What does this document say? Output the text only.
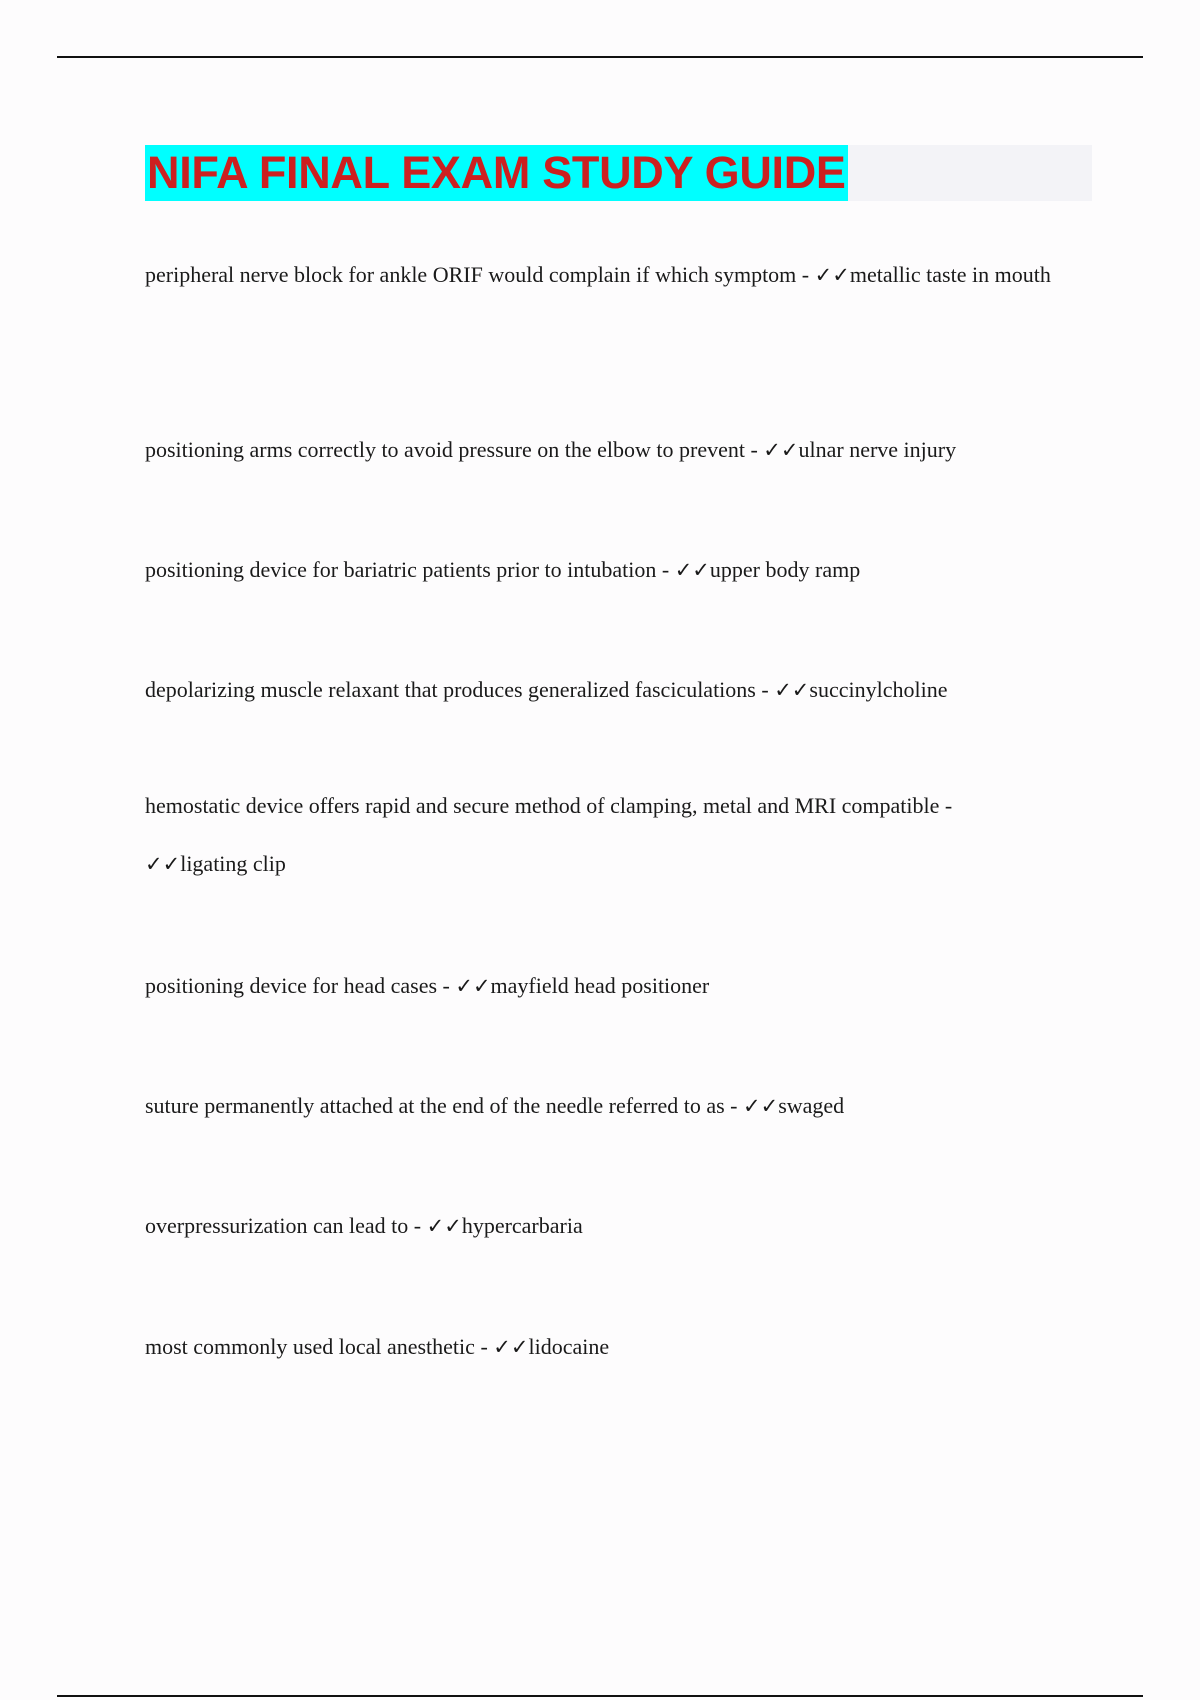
NIFA FINAL EXAM STUDY GUIDE

peripheral nerve block for ankle ORIF would complain if which symptom - ✓✓metallic taste in mouth

positioning arms correctly to avoid pressure on the elbow to prevent - ✓✓ulnar nerve injury

positioning device for bariatric patients prior to intubation - ✓✓upper body ramp

depolarizing muscle relaxant that produces generalized fasciculations - ✓✓succinylcholine

hemostatic device offers rapid and secure method of clamping, metal and MRI compatible -
✓✓ligating clip

positioning device for head cases - ✓✓mayfield head positioner

suture permanently attached at the end of the needle referred to as - ✓✓swaged

overpressurization can lead to - ✓✓hypercarbaria

most commonly used local anesthetic - ✓✓lidocaine
